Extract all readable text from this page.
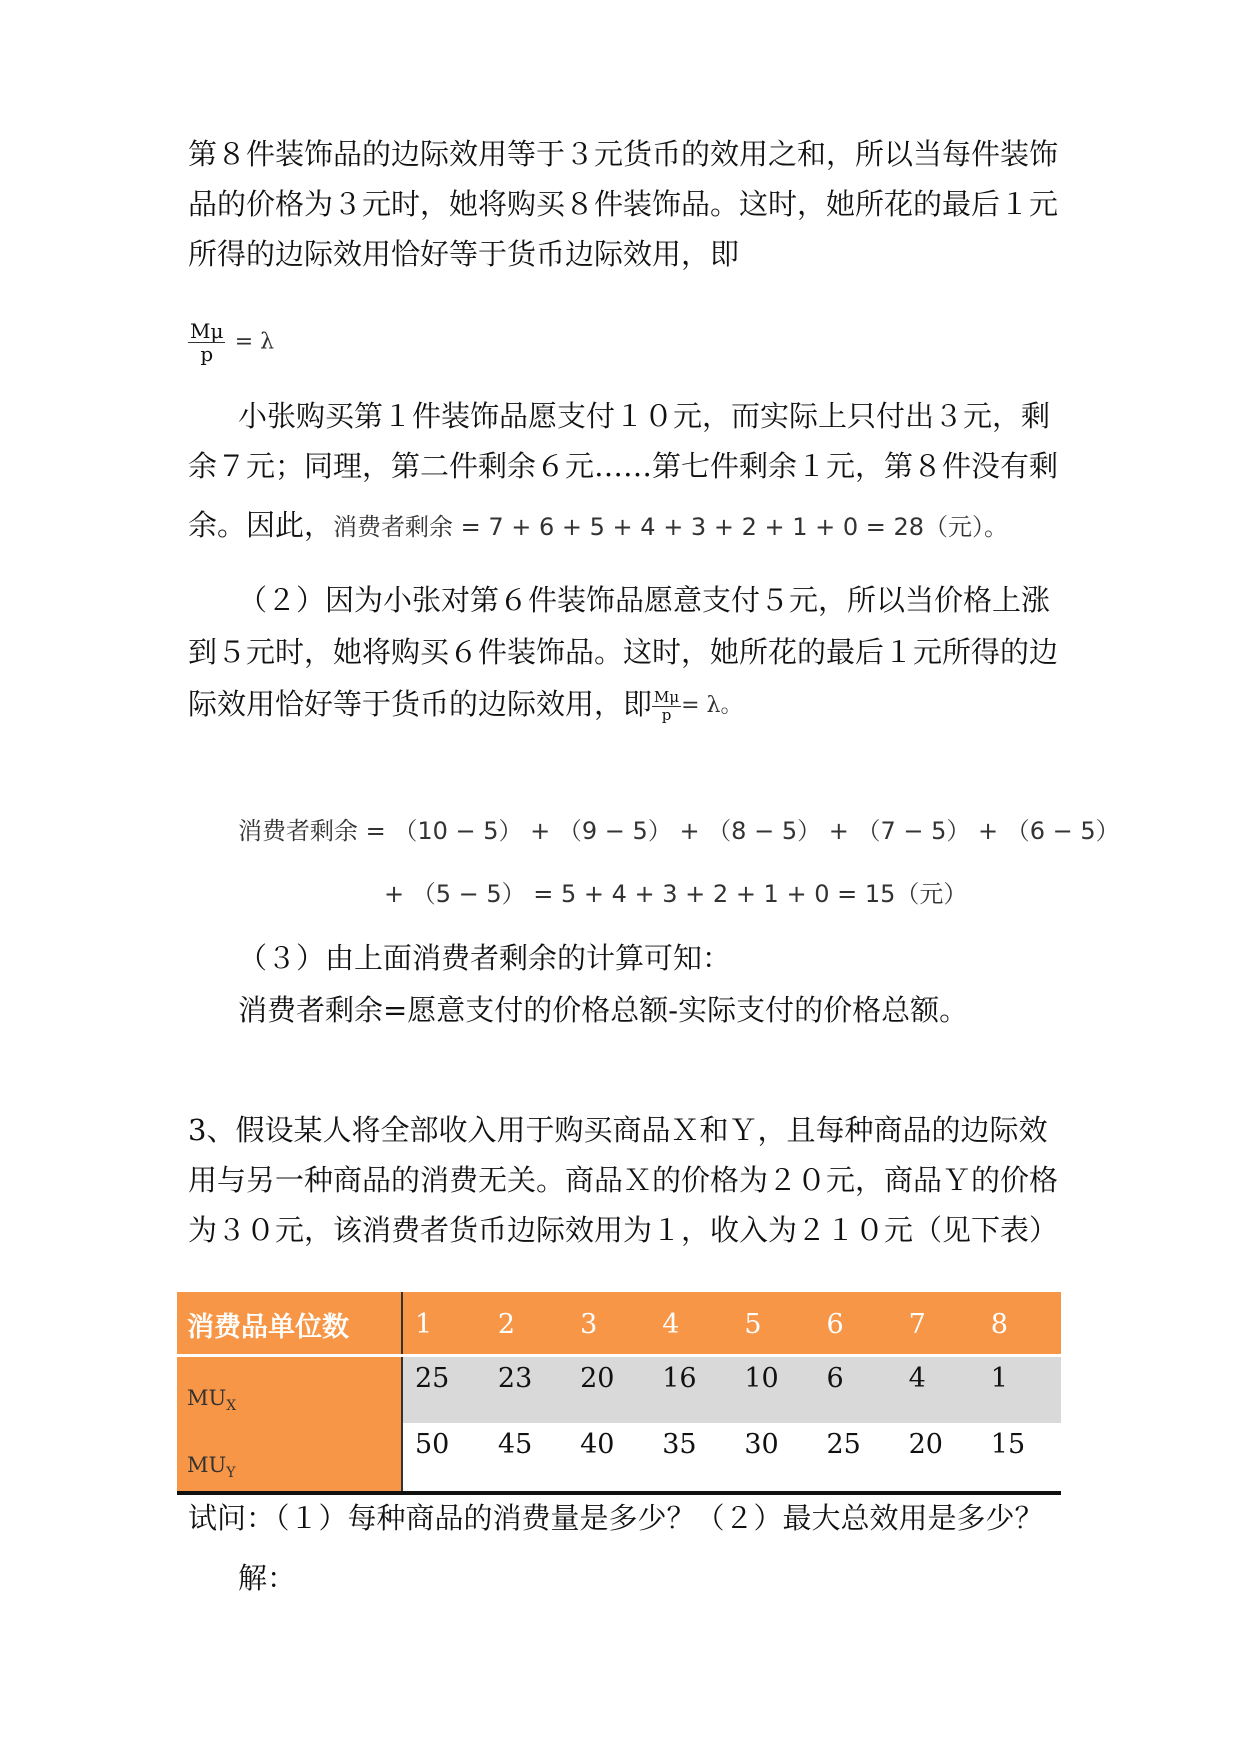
第８件装饰品的边际效用等于３元货币的效用之和，所以当每件装饰
品的价格为３元时，她将购买８件装饰品。这时，她所花的最后１元
所得的边际效用恰好等于货币边际效用，即
$\frac{M\mu}{p} = \lambda$
小张购买第１件装饰品愿支付１０元，而实际上只付出３元，剩
余７元；同理，第二件剩余６元……第七件剩余１元，第８件没有剩
余。因此，消费者剩余 = 7 + 6 + 5 + 4 + 3 + 2 + 1 + 0 = 28（元）。
（２）因为小张对第６件装饰品愿意支付５元，所以当价格上涨
到５元时，她将购买６件装饰品。这时，她所花的最后１元所得的边
际效用恰好等于货币的边际效用，即 $\frac{M\mu}{p} = \lambda$。
消费者剩余 = （10 − 5） + （9 − 5） + （8 − 5） + （7 − 5） + （6 − 5）
+ （5 − 5） = 5 + 4 + 3 + 2 + 1 + 0 = 15（元）
（３）由上面消费者剩余的计算可知：
消费者剩余=愿意支付的价格总额-实际支付的价格总额。
3、假设某人将全部收入用于购买商品Ｘ和Ｙ，且每种商品的边际效
用与另一种商品的消费无关。商品Ｘ的价格为２０元，商品Ｙ的价格
为３０元，该消费者货币边际效用为１，收入为２１０元（见下表）
消费品单位数	1	2	3	4	5	6	7	8

$MU_X$	25	23	20	16	10	6	4	1

$MU_Y$	50	45	40	35	30	25	20	15
试问：（１）每种商品的消费量是多少？（２）最大总效用是多少？
解：
